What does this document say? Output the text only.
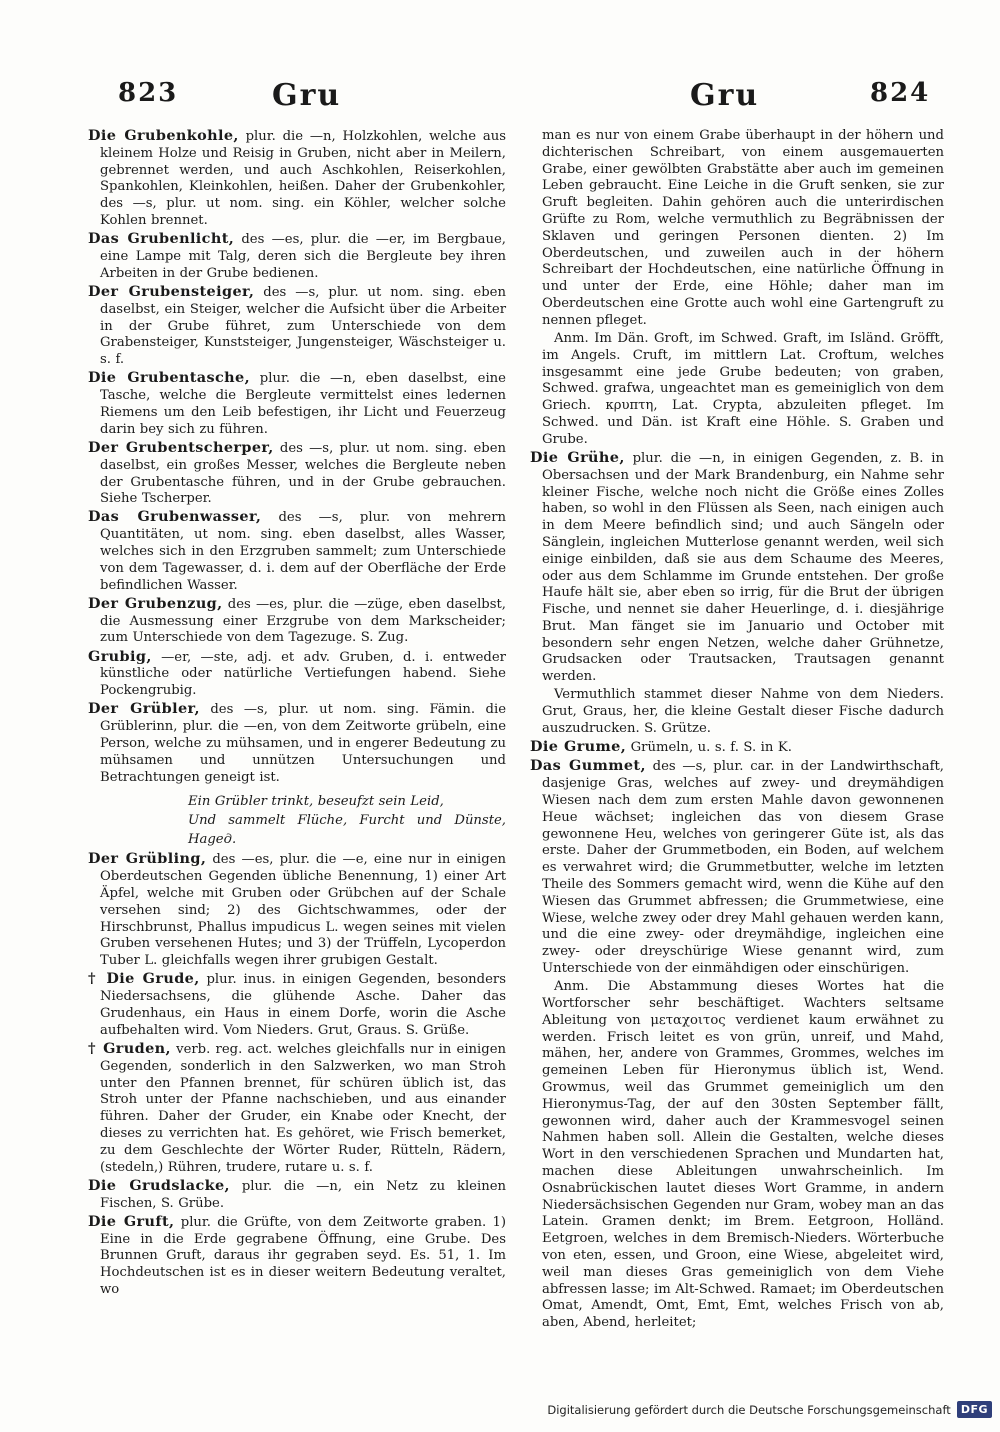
823	Gru	Gru	824

Die Grubenkohle, plur. die —n, Holzkohlen, welche aus kleinem Holze und Reisig in Gruben, nicht aber in Meilern, gebrennet werden, und auch Aschkohlen, Reiserkohlen, Spankohlen, Kleinkohlen, heißen. Daher der Grubenkohler, des —s, plur. ut nom. sing. ein Köhler, welcher solche Kohlen brennet.

Das Grubenlicht, des —es, plur. die —er, im Bergbaue, eine Lampe mit Talg, deren sich die Bergleute bey ihren Arbeiten in der Grube bedienen.

Der Grubensteiger, des —s, plur. ut nom. sing. eben daselbst, ein Steiger, welcher die Aufsicht über die Arbeiter in der Grube führet, zum Unterschiede von dem Grabensteiger, Kunststeiger, Jungensteiger, Wäschsteiger u. s. f.

Die Grubentasche, plur. die —n, eben daselbst, eine Tasche, welche die Bergleute vermittelst eines ledernen Riemens um den Leib befestigen, ihr Licht und Feuerzeug darin bey sich zu führen.

Der Grubentscherper, des —s, plur. ut nom. sing. eben daselbst, ein großes Messer, welches die Bergleute neben der Grubentasche führen, und in der Grube gebrauchen. Siehe Tscherper.

Das Grubenwasser, des —s, plur. von mehrern Quantitäten, ut nom. sing. eben daselbst, alles Wasser, welches sich in den Erzgruben sammelt; zum Unterschiede von dem Tagewasser, d. i. dem auf der Oberfläche der Erde befindlichen Wasser.

Der Grubenzug, des —es, plur. die —züge, eben daselbst, die Ausmessung einer Erzgrube von dem Markscheider; zum Unterschiede von dem Tagezuge. S. Zug.

Grubig, —er, —ste, adj. et adv. Gruben, d. i. entweder künstliche oder natürliche Vertiefungen habend. Siehe Pockengrubig.

Der Grübler, des —s, plur. ut nom. sing. Fämin. die Grüblerinn, plur. die —en, von dem Zeitworte grübeln, eine Person, welche zu mühsamen, und in engerer Bedeutung zu mühsamen und unnützen Untersuchungen und Betrachtungen geneigt ist.

Ein Grübler trinkt, beseufzt sein Leid,
Und sammelt Flüche, Furcht und Dünste, Hagед.

Der Grübling, des —es, plur. die —e, eine nur in einigen Oberdeutschen Gegenden übliche Benennung, 1) einer Art Äpfel, welche mit Gruben oder Grübchen auf der Schale versehen sind; 2) des Gichtschwammes, oder der Hirschbrunst, Phallus impudicus L. wegen seines mit vielen Gruben versehenen Hutes; und 3) der Trüffeln, Lycoperdon Tuber L. gleichfalls wegen ihrer grubigen Gestalt.

† Die Grude, plur. inus. in einigen Gegenden, besonders Niedersachsens, die glühende Asche. Daher das Grudenhaus, ein Haus in einem Dorfe, worin die Asche aufbehalten wird. Vom Nieders. Grut, Graus. S. Grüße.

† Gruden, verb. reg. act. welches gleichfalls nur in einigen Gegenden, sonderlich in den Salzwerken, wo man Stroh unter den Pfannen brennet, für schüren üblich ist, das Stroh unter der Pfanne nachschieben, und aus einander führen. Daher der Gruder, ein Knabe oder Knecht, der dieses zu verrichten hat. Es gehöret, wie Frisch bemerket, zu dem Geschlechte der Wörter Ruder, Rütteln, Rädern, (stedeln,) Rühren, trudere, rutare u. s. f.

Die Grudslacke, plur. die —n, ein Netz zu kleinen Fischen, S. Grübe.

Die Gruft, plur. die Grüfte, von dem Zeitworte graben. 1) Eine in die Erde gegrabene Öffnung, eine Grube. Des Brunnen Gruft, daraus ihr gegraben seyd. Es. 51, 1. Im Hochdeutschen ist es in dieser weitern Bedeutung veraltet, wo

man es nur von einem Grabe überhaupt in der höhern und dichterischen Schreibart, von einem ausgemauerten Grabe, einer gewölbten Grabstätte aber auch im gemeinen Leben gebraucht. Eine Leiche in die Gruft senken, sie zur Gruft begleiten. Dahin gehören auch die unterirdischen Grüfte zu Rom, welche vermuthlich zu Begräbnissen der Sklaven und geringen Personen dienten. 2) Im Oberdeutschen, und zuweilen auch in der höhern Schreibart der Hochdeutschen, eine natürliche Öffnung in und unter der Erde, eine Höhle; daher man im Oberdeutschen eine Grotte auch wohl eine Gartengruft zu nennen pfleget.

Anm. Im Dän. Groft, im Schwed. Graft, im Isländ. Gröfft, im Angels. Cruft, im mittlern Lat. Croftum, welches insgesammt eine jede Grube bedeuten; von graben, Schwed. grafwa, ungeachtet man es gemeiniglich von dem Griech. κρυπτη, Lat. Crypta, abzuleiten pfleget. Im Schwed. und Dän. ist Kraft eine Höhle. S. Graben und Grube.

Die Grühe, plur. die —n, in einigen Gegenden, z. B. in Obersachsen und der Mark Brandenburg, ein Nahme sehr kleiner Fische, welche noch nicht die Größe eines Zolles haben, so wohl in den Flüssen als Seen, nach einigen auch in dem Meere befindlich sind; und auch Sängeln oder Sänglein, ingleichen Mutterlose genannt werden, weil sich einige einbilden, daß sie aus dem Schaume des Meeres, oder aus dem Schlamme im Grunde entstehen. Der große Haufe hält sie, aber eben so irrig, für die Brut der übrigen Fische, und nennet sie daher Heuerlinge, d. i. diesjährige Brut. Man fänget sie im Januario und October mit besondern sehr engen Netzen, welche daher Grühnetze, Grudsacken oder Trautsacken, Trautsagen genannt werden.

Vermuthlich stammet dieser Nahme von dem Nieders. Grut, Graus, her, die kleine Gestalt dieser Fische dadurch auszudrucken. S. Grütze.

Die Grume, Grümeln, u. s. f. S. in K.

Das Gummet, des —s, plur. car. in der Landwirthschaft, dasjenige Gras, welches auf zwey- und dreymähdigen Wiesen nach dem zum ersten Mahle davon gewonnenen Heue wächset; ingleichen das von diesem Grase gewonnene Heu, welches von geringerer Güte ist, als das erste. Daher der Grummetboden, ein Boden, auf welchem es verwahret wird; die Grummetbutter, welche im letzten Theile des Sommers gemacht wird, wenn die Kühe auf den Wiesen das Grummet abfressen; die Grummetwiese, eine Wiese, welche zwey oder drey Mahl gehauen werden kann, und die eine zwey- oder dreymähdige, ingleichen eine zwey- oder dreyschürige Wiese genannt wird, zum Unterschiede von der einmähdigen oder einschürigen.

Anm. Die Abstammung dieses Wortes hat die Wortforscher sehr beschäftiget. Wachters seltsame Ableitung von μεταχοιτος verdienet kaum erwähnet zu werden. Frisch leitet es von grün, unreif, und Mahd, mähen, her, andere von Grammes, Grommes, welches im gemeinen Leben für Hieronymus üblich ist, Wend. Growmus, weil das Grummet gemeiniglich um den Hieronymus-Tag, der auf den 30sten September fällt, gewonnen wird, daher auch der Krammesvogel seinen Nahmen haben soll. Allein die Gestalten, welche dieses Wort in den verschiedenen Sprachen und Mundarten hat, machen diese Ableitungen unwahrscheinlich. Im Osnabrückischen lautet dieses Wort Gramme, in andern Niedersächsischen Gegenden nur Gram, wobey man an das Latein. Gramen denkt; im Brem. Eetgroon, Holländ. Eetgroen, welches in dem Bremisch-Nieders. Wörterbuche von eten, essen, und Groon, eine Wiese, abgeleitet wird, weil man dieses Gras gemeiniglich von dem Viehe abfressen lasse; im Alt-Schwed. Ramaet; im Oberdeutschen Omat, Amendt, Omt, Emt, Emt, welches Frisch von ab, aben, Abend, herleitet;

Digitalisierung gefördert durch die Deutsche Forschungsgemeinschaft DFG
